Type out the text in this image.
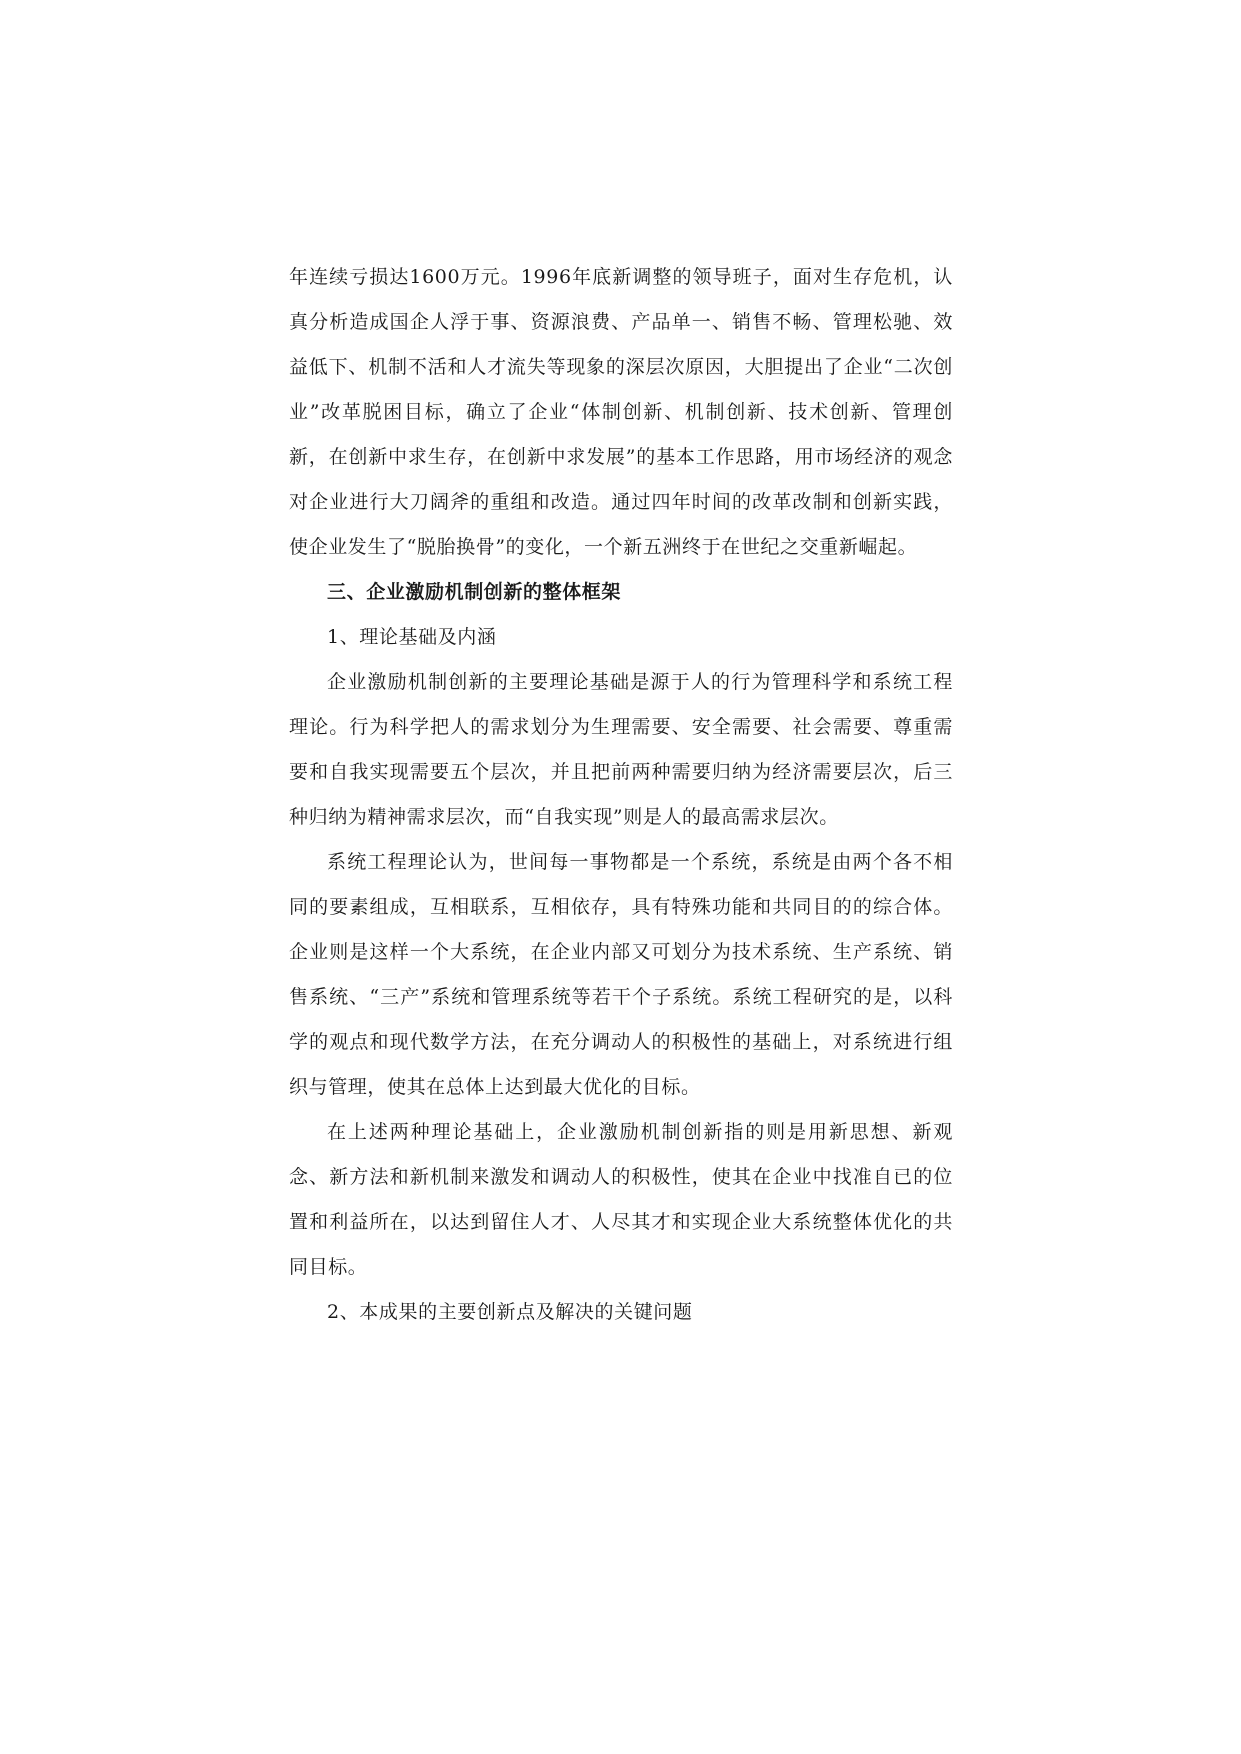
年连续亏损达1600万元。1996年底新调整的领导班子，面对生存危机，认真分析造成国企人浮于事、资源浪费、产品单一、销售不畅、管理松驰、效益低下、机制不活和人才流失等现象的深层次原因，大胆提出了企业“二次创业”改革脱困目标，确立了企业“体制创新、机制创新、技术创新、管理创新，在创新中求生存，在创新中求发展”的基本工作思路，用市场经济的观念对企业进行大刀阔斧的重组和改造。通过四年时间的改革改制和创新实践，使企业发生了“脱胎换骨”的变化，一个新五洲终于在世纪之交重新崛起。

三、企业激励机制创新的整体框架

1、理论基础及内涵

企业激励机制创新的主要理论基础是源于人的行为管理科学和系统工程理论。行为科学把人的需求划分为生理需要、安全需要、社会需要、尊重需要和自我实现需要五个层次，并且把前两种需要归纳为经济需要层次，后三种归纳为精神需求层次，而“自我实现”则是人的最高需求层次。

系统工程理论认为，世间每一事物都是一个系统，系统是由两个各不相同的要素组成，互相联系，互相依存，具有特殊功能和共同目的的综合体。企业则是这样一个大系统，在企业内部又可划分为技术系统、生产系统、销售系统、“三产”系统和管理系统等若干个子系统。系统工程研究的是，以科学的观点和现代数学方法，在充分调动人的积极性的基础上，对系统进行组织与管理，使其在总体上达到最大优化的目标。

在上述两种理论基础上，企业激励机制创新指的则是用新思想、新观念、新方法和新机制来激发和调动人的积极性，使其在企业中找准自已的位置和利益所在，以达到留住人才、人尽其才和实现企业大系统整体优化的共同目标。

2、本成果的主要创新点及解决的关键问题
